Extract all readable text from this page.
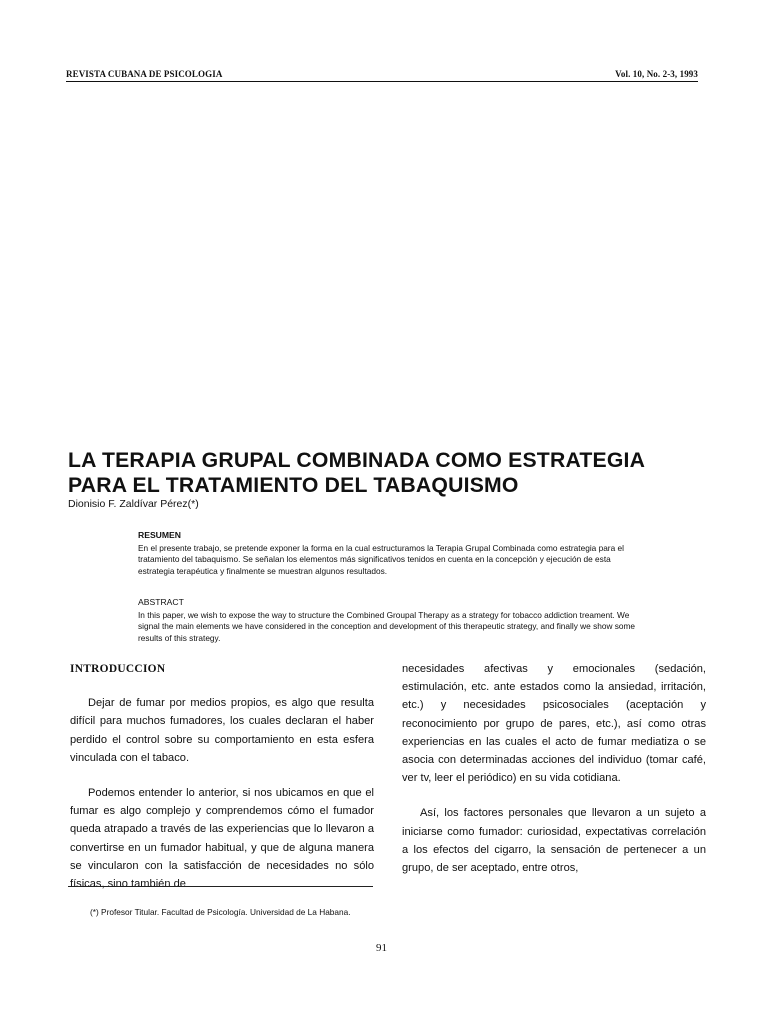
REVISTA CUBANA DE PSICOLOGIA	Vol. 10, No. 2-3, 1993
LA TERAPIA GRUPAL COMBINADA COMO ESTRATEGIA
PARA EL TRATAMIENTO DEL TABAQUISMO
Dionisio F. Zaldívar Pérez(*)

RESUMEN

En el presente trabajo, se pretende exponer la forma en la cual estructuramos la Terapia Grupal Combinada como estrategia para el tratamiento del tabaquismo. Se señalan los elementos más significativos tenidos en cuenta en la concepción y ejecución de esta estrategia terapéutica y finalmente se muestran algunos resultados.

ABSTRACT

In this paper, we wish to expose the way to structure the Combined Groupal Therapy as a strategy for tobacco addiction treament. We signal the main elements we have considered in the conception and development of this therapeutic strategy, and finally we show some results of this strategy.

INTRODUCCION

Dejar de fumar por medios propios, es algo que resulta difícil para muchos fumadores, los cuales declaran el haber perdido el control sobre su comportamiento en esta esfera vinculada con el tabaco.

Podemos entender lo anterior, si nos ubicamos en que el fumar es algo complejo y comprendemos cómo el fumador queda atrapado a través de las experiencias que lo llevaron a convertirse en un fumador habitual, y que de alguna manera se vincularon con la satisfacción de necesidades no sólo físicas, sino también de

necesidades afectivas y emocionales (sedación, estimulación, etc. ante estados como la ansiedad, irritación, etc.) y necesidades psicosociales (aceptación y reconocimiento por grupo de pares, etc.), así como otras experiencias en las cuales el acto de fumar mediatiza o se asocia con determinadas acciones del individuo (tomar café, ver tv, leer el periódico) en su vida cotidiana.

Así, los factores personales que llevaron a un sujeto a iniciarse como fumador: curiosidad, expectativas correlación a los efectos del cigarro, la sensación de pertenecer a un grupo, de ser aceptado, entre otros,

(*) Profesor Titular. Facultad de Psicología. Universidad de La Habana.
91
